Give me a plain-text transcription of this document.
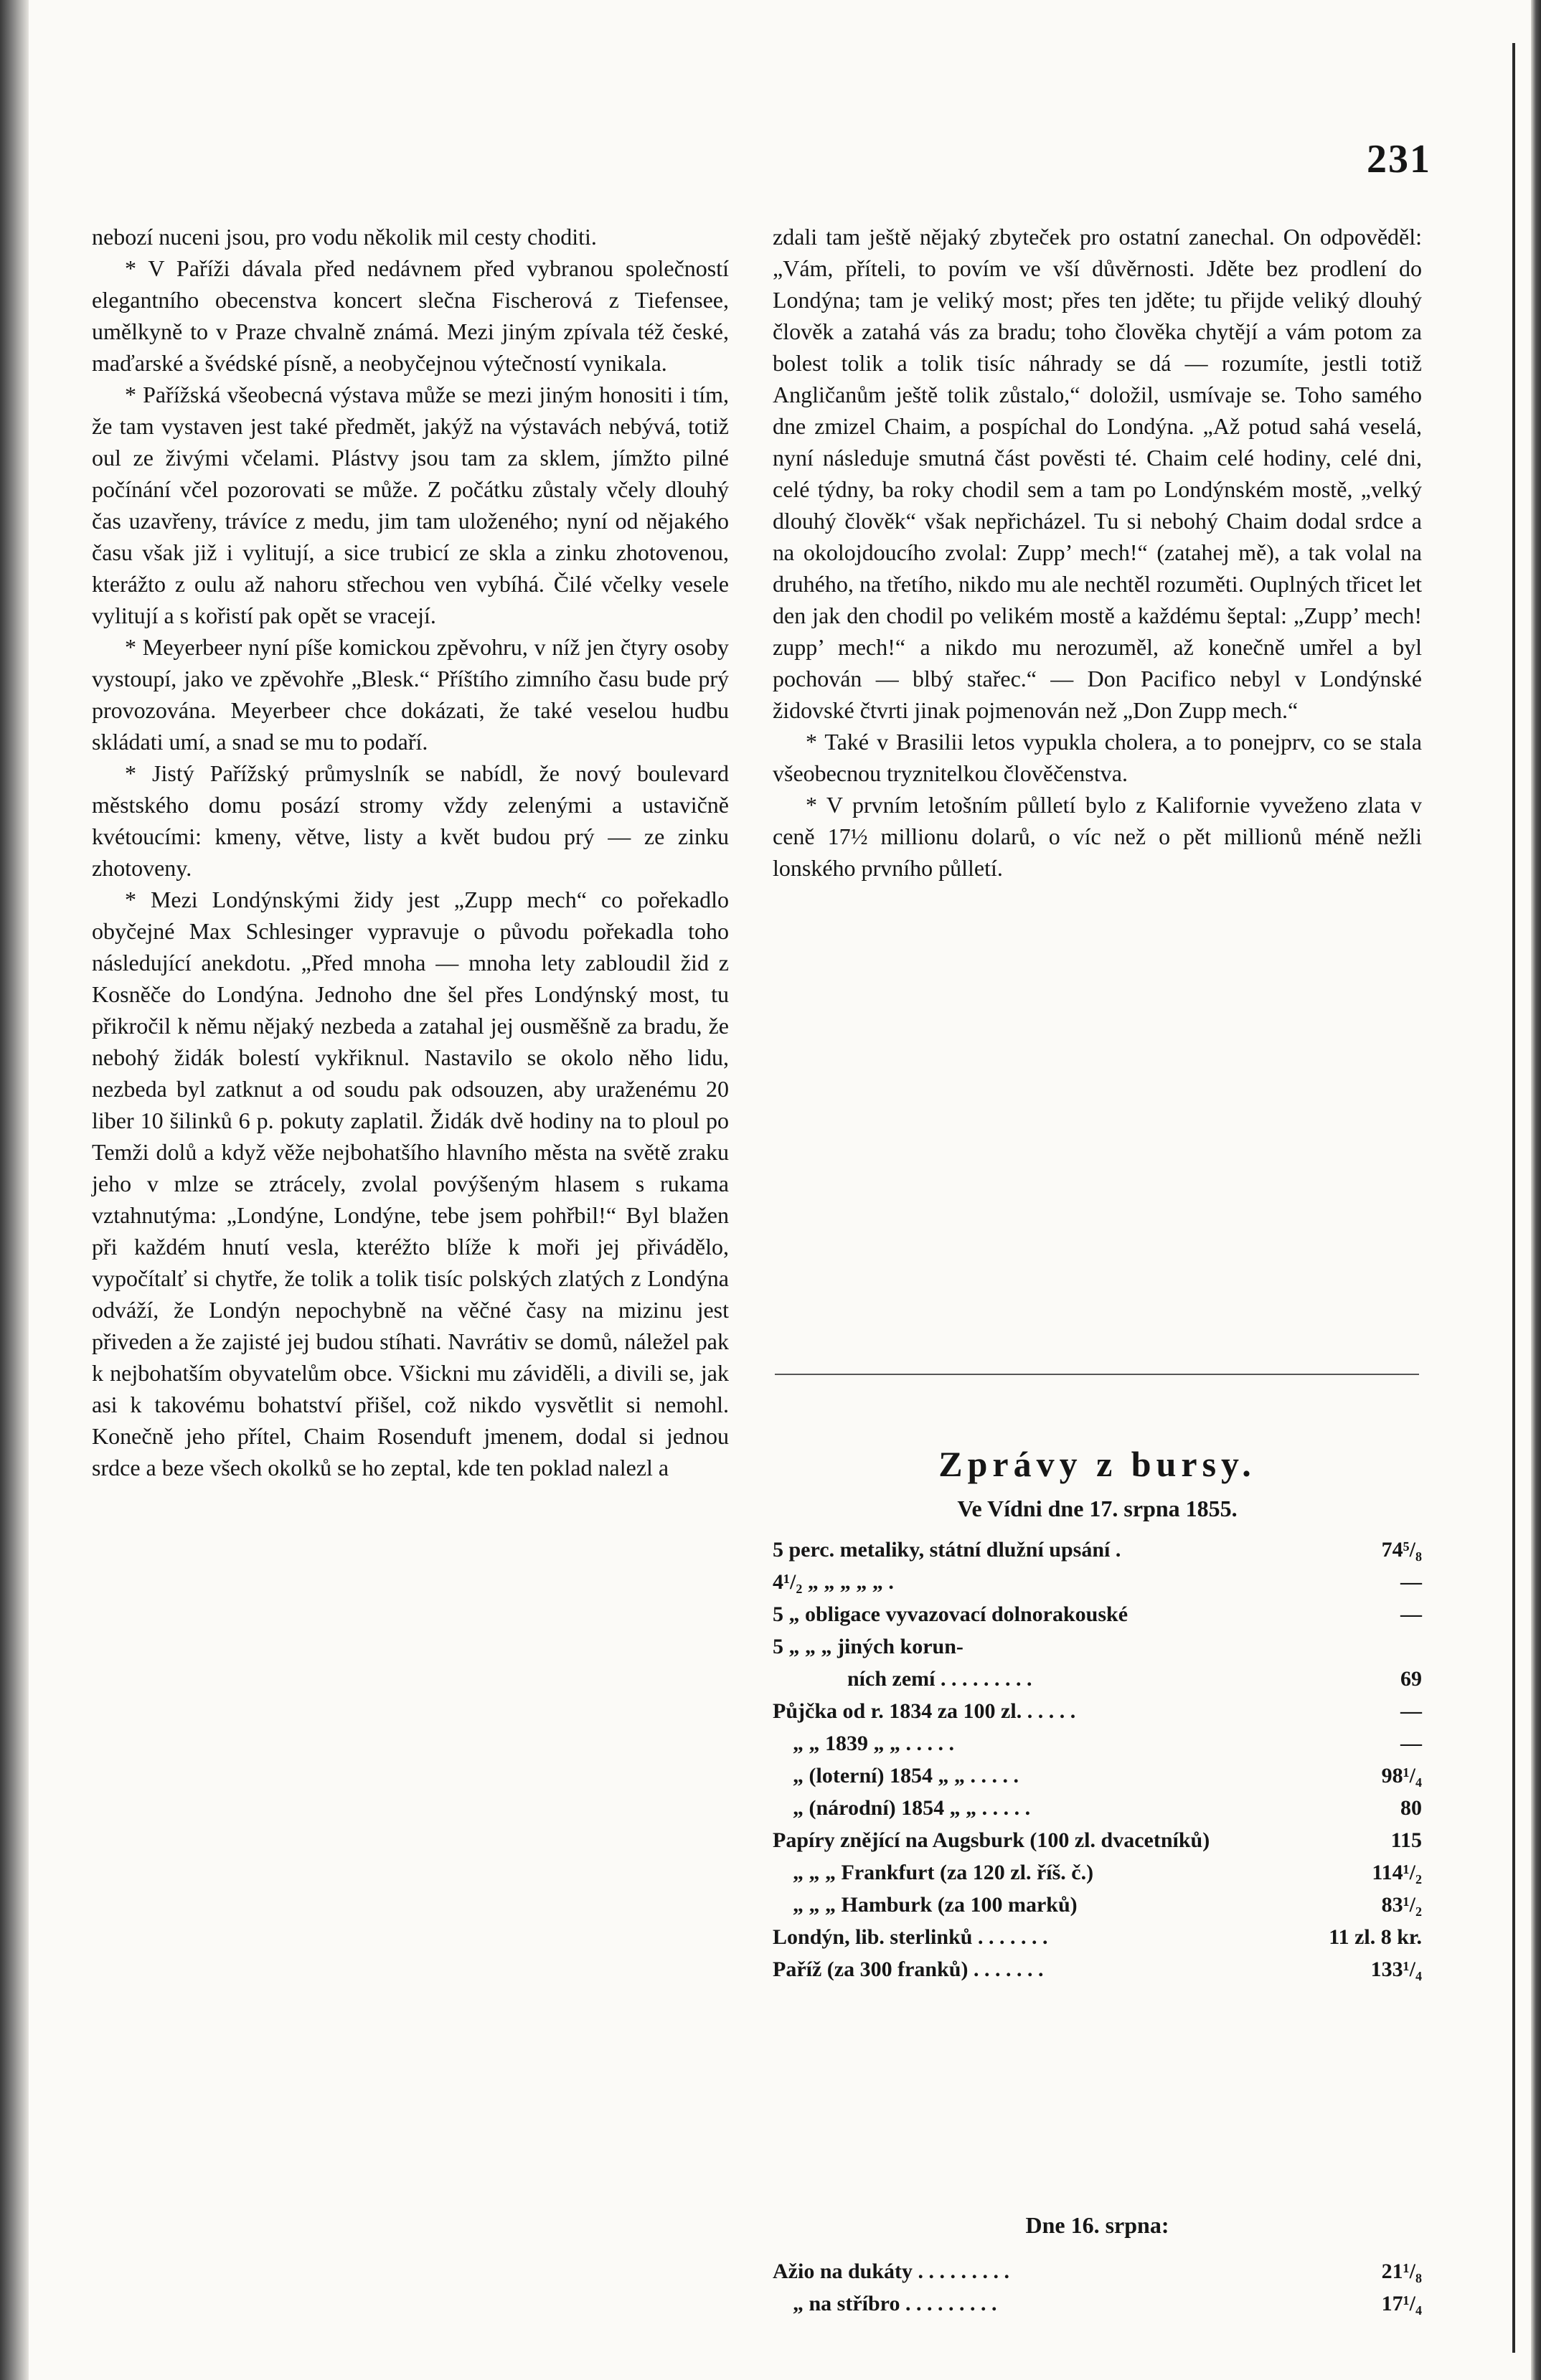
231

nebozí nuceni jsou, pro vodu několik mil cesty choditi.

* V Paříži dávala před nedávnem před vybranou společností elegantního obecenstva koncert slečna Fischerová z Tiefensee, umělkyně to v Praze chvalně známá. Mezi jiným zpívala též české, maďarské a švédské písně, a neobyčejnou výtečností vynikala.

* Pařížská všeobecná výstava může se mezi jiným honositi i tím, že tam vystaven jest také předmět, jakýž na výstavách nebývá, totiž oul ze živými včelami. Plástvy jsou tam za sklem, jímžto pilné počínání včel pozorovati se může. Z počátku zůstaly včely dlouhý čas uzavřeny, trávíce z medu, jim tam uloženého; nyní od nějakého času však již i vylitují, a sice trubicí ze skla a zinku zhotovenou, kterážto z oulu až nahoru střechou ven vybíhá. Čilé včelky vesele vylitují a s kořistí pak opět se vracejí.

* Meyerbeer nyní píše komickou zpěvohru, v níž jen čtyry osoby vystoupí, jako ve zpěvohře „Blesk.“ Příštího zimního času bude prý provozována. Meyerbeer chce dokázati, že také veselou hudbu skládati umí, a snad se mu to podaří.

* Jistý Pařížský průmyslník se nabídl, že nový boulevard městského domu posází stromy vždy zelenými a ustavičně kvétoucími: kmeny, větve, listy a květ budou prý — ze zinku zhotoveny.

* Mezi Londýnskými židy jest „Zupp mech“ co pořekadlo obyčejné Max Schlesinger vypravuje o původu pořekadla toho následující anekdotu. „Před mnoha — mnoha lety zabloudil žid z Kosněče do Londýna. Jednoho dne šel přes Londýnský most, tu přikročil k němu nějaký nezbeda a zatahal jej ousměšně za bradu, že nebohý židák bolestí vykřiknul. Nastavilo se okolo něho lidu, nezbeda byl zatknut a od soudu pak odsouzen, aby uraženému 20 liber 10 šilinků 6 p. pokuty zaplatil. Židák dvě hodiny na to ploul po Temži dolů a když věže nejbohatšího hlavního města na světě zraku jeho v mlze se ztrácely, zvolal povýšeným hlasem s rukama vztahnutýma: „Londýne, Londýne, tebe jsem pohřbil!“ Byl blažen při každém hnutí vesla, kteréžto blíže k moři jej přivádělo, vypočítalť si chytře, že tolik a tolik tisíc polských zlatých z Londýna odváží, že Londýn nepochybně na věčné časy na mizinu jest přiveden a že zajisté jej budou stíhati. Navrátiv se domů, náležel pak k nejbohatším obyvatelům obce. Všickni mu záviděli, a divili se, jak asi k takovému bohatství přišel, což nikdo vysvětlit si nemohl. Konečně jeho přítel, Chaim Rosenduft jmenem, dodal si jednou srdce a beze všech okolků se ho zeptal, kde ten poklad nalezl a

zdali tam ještě nějaký zbyteček pro ostatní zanechal. On odpověděl: „Vám, příteli, to povím ve vší důvěrnosti. Jděte bez prodlení do Londýna; tam je veliký most; přes ten jděte; tu přijde veliký dlouhý člověk a zatahá vás za bradu; toho člověka chytějí a vám potom za bolest tolik a tolik tisíc náhrady se dá — rozumíte, jestli totiž Angličanům ještě tolik zůstalo,“ doložil, usmívaje se. Toho samého dne zmizel Chaim, a pospíchal do Londýna. „Až potud sahá veselá, nyní následuje smutná část pověsti té. Chaim celé hodiny, celé dni, celé týdny, ba roky chodil sem a tam po Londýnském mostě, „velký dlouhý člověk“ však nepřicházel. Tu si nebohý Chaim dodal srdce a na okolojdoucího zvolal: Zupp’ mech!“ (zatahej mě), a tak volal na druhého, na třetího, nikdo mu ale nechtěl rozuměti. Ouplných třicet let den jak den chodil po velikém mostě a každému šeptal: „Zupp’ mech! zupp’ mech!“ a nikdo mu nerozuměl, až konečně umřel a byl pochován — blbý stařec.“ — Don Pacifico nebyl v Londýnské židovské čtvrti jinak pojmenován než „Don Zupp mech.“

* Také v Brasilii letos vypukla cholera, a to ponejprv, co se stala všeobecnou tryznitelkou člověčenstva.

* V prvním letošním půlletí bylo z Kalifornie vyveženo zlata v ceně 17½ millionu dolarů, o víc než o pět millionů méně nežli lonského prvního půlletí.

Zprávy z bursy.
Ve Vídni dne 17. srpna 1855.
5 perc. metaliky, státní dlužní upsání .	74⁵/₈
4¹/₂ „ „ „ „ „ .	—
5 „ obligace vyvazovací dolnorakouské	—
5 „ „ „ jiných korun-
ních zemí . . . . . . . . .	69
Půjčka od r. 1834 za 100 zl. . . . . .	—
„ „ 1839 „ „ . . . . .	—
„ (loterní) 1854 „ „ . . . . .	98¹/₄
„ (národní) 1854 „ „ . . . . .	80
Papíry znějící na Augsburk (100 zl. dvacetníků)	115
„ „ „ Frankfurt (za 120 zl. říš. č.)	114¹/₂
„ „ „ Hamburk (za 100 marků)	83¹/₂
Londýn, lib. sterlinků . . . . . . .	11 zl. 8 kr.
Paříž (za 300 franků) . . . . . . .	133¹/₄
Dne 16. srpna:
Ažio na dukáty . . . . . . . . .	21¹/₈
„ na stříbro . . . . . . . . .	17¹/₄
